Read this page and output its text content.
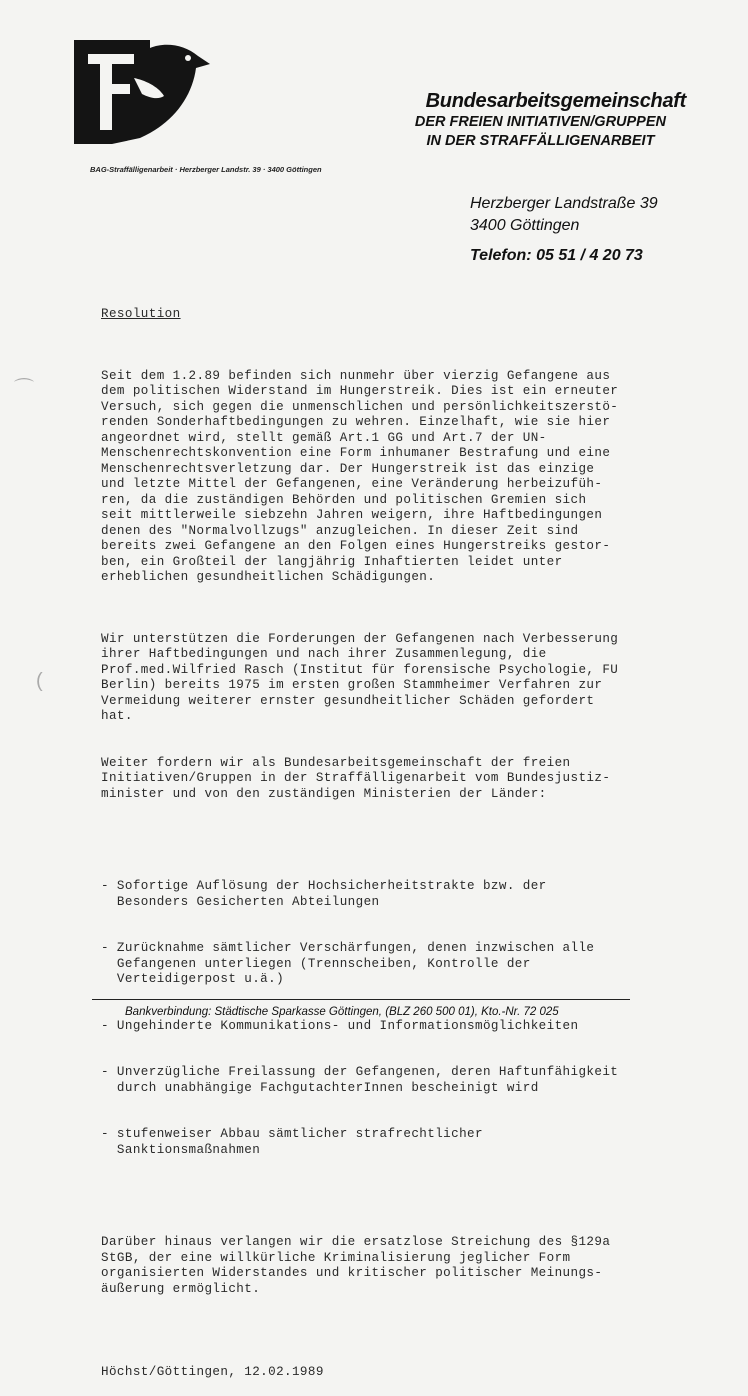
Bundesarbeitsgemeinschaft
DER FREIEN INITIATIVEN/GRUPPEN
IN DER STRAFFÄLLIGENARBEIT
BAG-Straffälligenarbeit · Herzberger Landstr. 39 · 3400 Göttingen
Herzberger Landstraße 39
3400 Göttingen
Telefon: 05 51 / 4 20 73

Resolution

Seit dem 1.2.89 befinden sich nunmehr über vierzig Gefangene aus
dem politischen Widerstand im Hungerstreik. Dies ist ein erneuter
Versuch, sich gegen die unmenschlichen und persönlichkeitszerstö-
renden Sonderhaftbedingungen zu wehren. Einzelhaft, wie sie hier
angeordnet wird, stellt gemäß Art.1 GG und Art.7 der UN-
Menschenrechtskonvention eine Form inhumaner Bestrafung und eine
Menschenrechtsverletzung dar. Der Hungerstreik ist das einzige
und letzte Mittel der Gefangenen, eine Veränderung herbeizufüh-
ren, da die zuständigen Behörden und politischen Gremien sich
seit mittlerweile siebzehn Jahren weigern, ihre Haftbedingungen
denen des "Normalvollzugs" anzugleichen. In dieser Zeit sind
bereits zwei Gefangene an den Folgen eines Hungerstreiks gestor-
ben, ein Großteil der langjährig Inhaftierten leidet unter
erheblichen gesundheitlichen Schädigungen.

Wir unterstützen die Forderungen der Gefangenen nach Verbesserung
ihrer Haftbedingungen und nach ihrer Zusammenlegung, die
Prof.med.Wilfried Rasch (Institut für forensische Psychologie, FU
Berlin) bereits 1975 im ersten großen Stammheimer Verfahren zur
Vermeidung weiterer ernster gesundheitlicher Schäden gefordert
hat.

Weiter fordern wir als Bundesarbeitsgemeinschaft der freien
Initiativen/Gruppen in der Straffälligenarbeit vom Bundesjustiz-
minister und von den zuständigen Ministerien der Länder:

- Sofortige Auflösung der Hochsicherheitstrakte bzw. der
Besonders Gesicherten Abteilungen

- Zurücknahme sämtlicher Verschärfungen, denen inzwischen alle
Gefangenen unterliegen (Trennscheiben, Kontrolle der
Verteidigerpost u.ä.)

- Ungehinderte Kommunikations- und Informationsmöglichkeiten

- Unverzügliche Freilassung der Gefangenen, deren Haftunfähigkeit
durch unabhängige FachgutachterInnen bescheinigt wird

- stufenweiser Abbau sämtlicher strafrechtlicher
Sanktionsmaßnahmen

Darüber hinaus verlangen wir die ersatzlose Streichung des §129a
StGB, der eine willkürliche Kriminalisierung jeglicher Form
organisierten Widerstandes und kritischer politischer Meinungs-
äußerung ermöglicht.

Höchst/Göttingen, 12.02.1989

⌒
(
Bankverbindung: Städtische Sparkasse Göttingen, (BLZ 260 500 01), Kto.-Nr. 72 025
